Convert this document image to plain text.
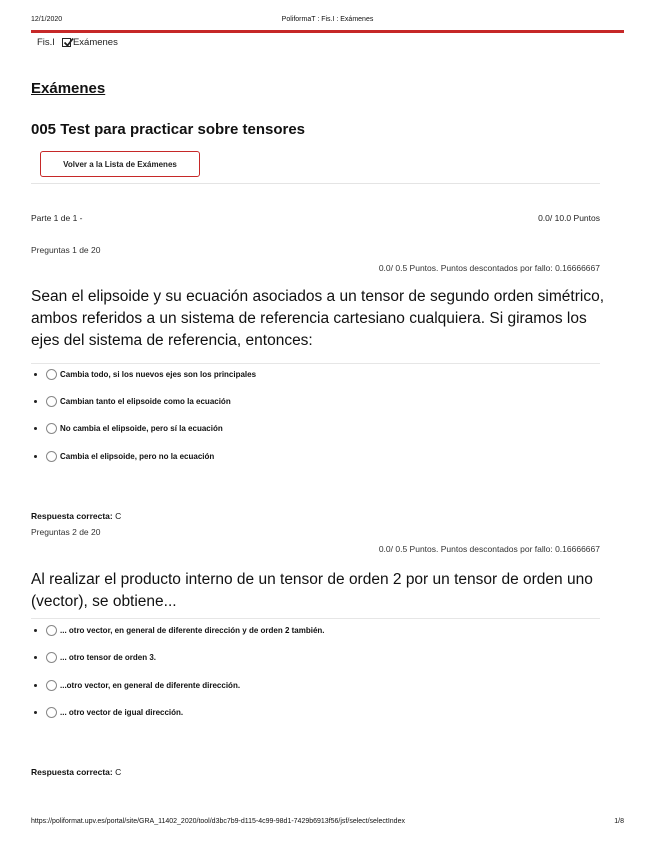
12/1/2020	PoliformaT : Fis.I : Exámenes
Fis.I Exámenes
Exámenes
005 Test para practicar sobre tensores
Volver a la Lista de Exámenes
Parte 1 de 1 -	0.0/ 10.0 Puntos
Preguntas 1 de 20
0.0/ 0.5 Puntos. Puntos descontados por fallo: 0.16666667
Sean el elipsoide y su ecuación asociados a un tensor de segundo orden simétrico, ambos referidos a un sistema de referencia cartesiano cualquiera. Si giramos los ejes del sistema de referencia, entonces:
Cambia todo, si los nuevos ejes son los principales
Cambian tanto el elipsoide como la ecuación
No cambia el elipsoide, pero sí la ecuación
Cambia el elipsoide, pero no la ecuación
Respuesta correcta: C
Preguntas 2 de 20
0.0/ 0.5 Puntos. Puntos descontados por fallo: 0.16666667
Al realizar el producto interno de un tensor de orden 2 por un tensor de orden uno (vector), se obtiene...
... otro vector, en general de diferente dirección y de orden 2 también.
... otro tensor de orden 3.
...otro vector, en general de diferente dirección.
... otro vector de igual dirección.
Respuesta correcta: C
https://poliformat.upv.es/portal/site/GRA_11402_2020/tool/d3bc7b9-d115-4c99-98d1-7429b6913f56/jsf/select/selectIndex	1/8
